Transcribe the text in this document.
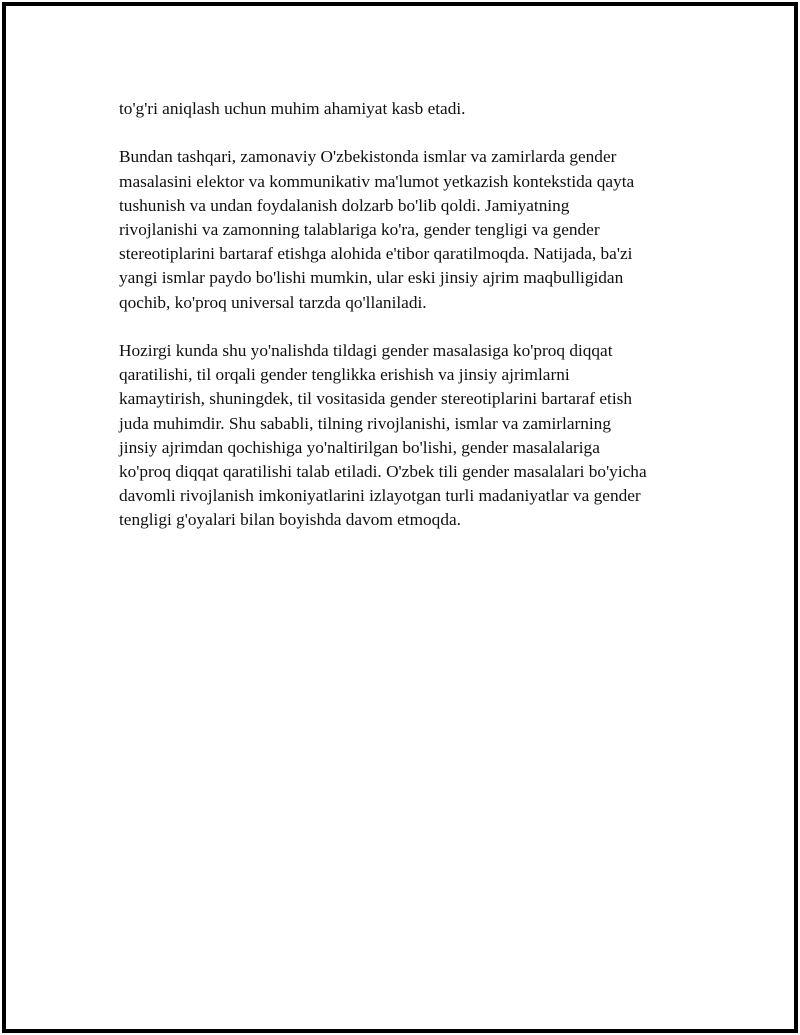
to'g'ri aniqlash uchun muhim ahamiyat kasb etadi.

Bundan tashqari, zamonaviy O'zbekistonda ismlar va zamirlarda gender
masalasini elektor va kommunikativ ma'lumot yetkazish kontekstida qayta
tushunish va undan foydalanish dolzarb bo'lib qoldi. Jamiyatning
rivojlanishi va zamonning talablariga ko'ra, gender tengligi va gender
stereotiplarini bartaraf etishga alohida e'tibor qaratilmoqda. Natijada, ba'zi
yangi ismlar paydo bo'lishi mumkin, ular eski jinsiy ajrim maqbulligidan
qochib, ko'proq universal tarzda qo'llaniladi.

Hozirgi kunda shu yo'nalishda tildagi gender masalasiga ko'proq diqqat
qaratilishi, til orqali gender tenglikka erishish va jinsiy ajrimlarni
kamaytirish, shuningdek, til vositasida gender stereotiplarini bartaraf etish
juda muhimdir. Shu sababli, tilning rivojlanishi, ismlar va zamirlarning
jinsiy ajrimdan qochishiga yo'naltirilgan bo'lishi, gender masalalariga
ko'proq diqqat qaratilishi talab etiladi. O'zbek tili gender masalalari bo'yicha
davomli rivojlanish imkoniyatlarini izlayotgan turli madaniyatlar va gender
tengligi g'oyalari bilan boyishda davom etmoqda.
